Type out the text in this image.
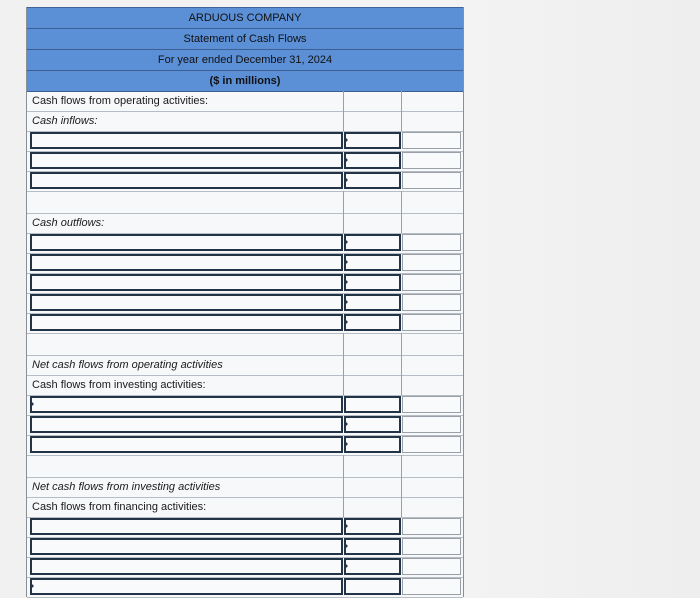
ARDUOUS COMPANY
Statement of Cash Flows
For year ended December 31, 2024
($ in millions)
Cash flows from operating activities:
Cash inflows:
Cash outflows:
Net cash flows from operating activities
Cash flows from investing activities:
Net cash flows from investing activities
Cash flows from financing activities:
